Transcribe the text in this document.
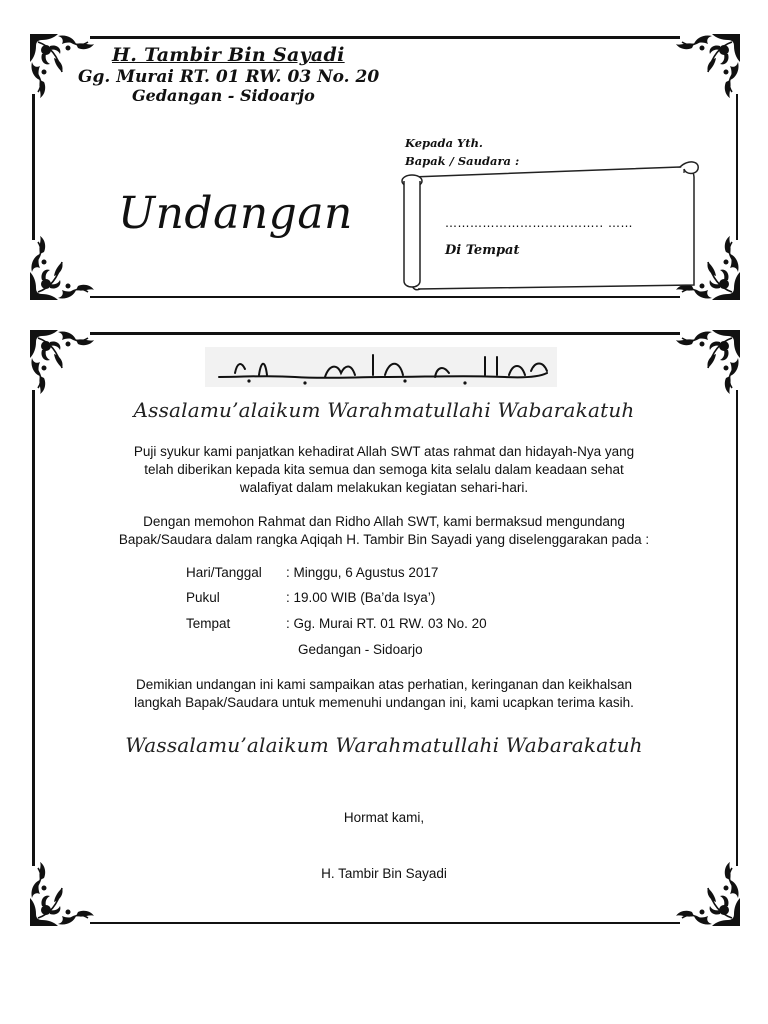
H. Tambir Bin Sayadi
Gg. Murai RT. 01 RW. 03 No. 20
Gedangan - Sidoarjo
Undangan
Kepada Yth.
Bapak / Saudara :
……………………………….. ……
Di Tempat
Assalamu’alaikum Warahmatullahi Wabarakatuh
Puji syukur kami panjatkan kehadirat Allah SWT atas rahmat dan hidayah-Nya yang
telah diberikan kepada kita semua dan semoga kita selalu dalam keadaan sehat
walafiyat dalam melakukan kegiatan sehari-hari.
Dengan memohon Rahmat dan Ridho Allah SWT, kami bermaksud mengundang
Bapak/Saudara dalam rangka Aqiqah H. Tambir Bin Sayadi yang diselenggarakan pada :
Hari/Tanggal : Minggu, 6 Agustus 2017
Pukul	: 19.00 WIB (Ba’da Isya’)
Tempat	: Gg. Murai RT. 01 RW. 03 No. 20
Gedangan - Sidoarjo
Demikian undangan ini kami sampaikan atas perhatian, keringanan dan keikhalsan
langkah Bapak/Saudara untuk memenuhi undangan ini, kami ucapkan terima kasih.
Wassalamu’alaikum Warahmatullahi Wabarakatuh
Hormat kami,
H. Tambir Bin Sayadi
